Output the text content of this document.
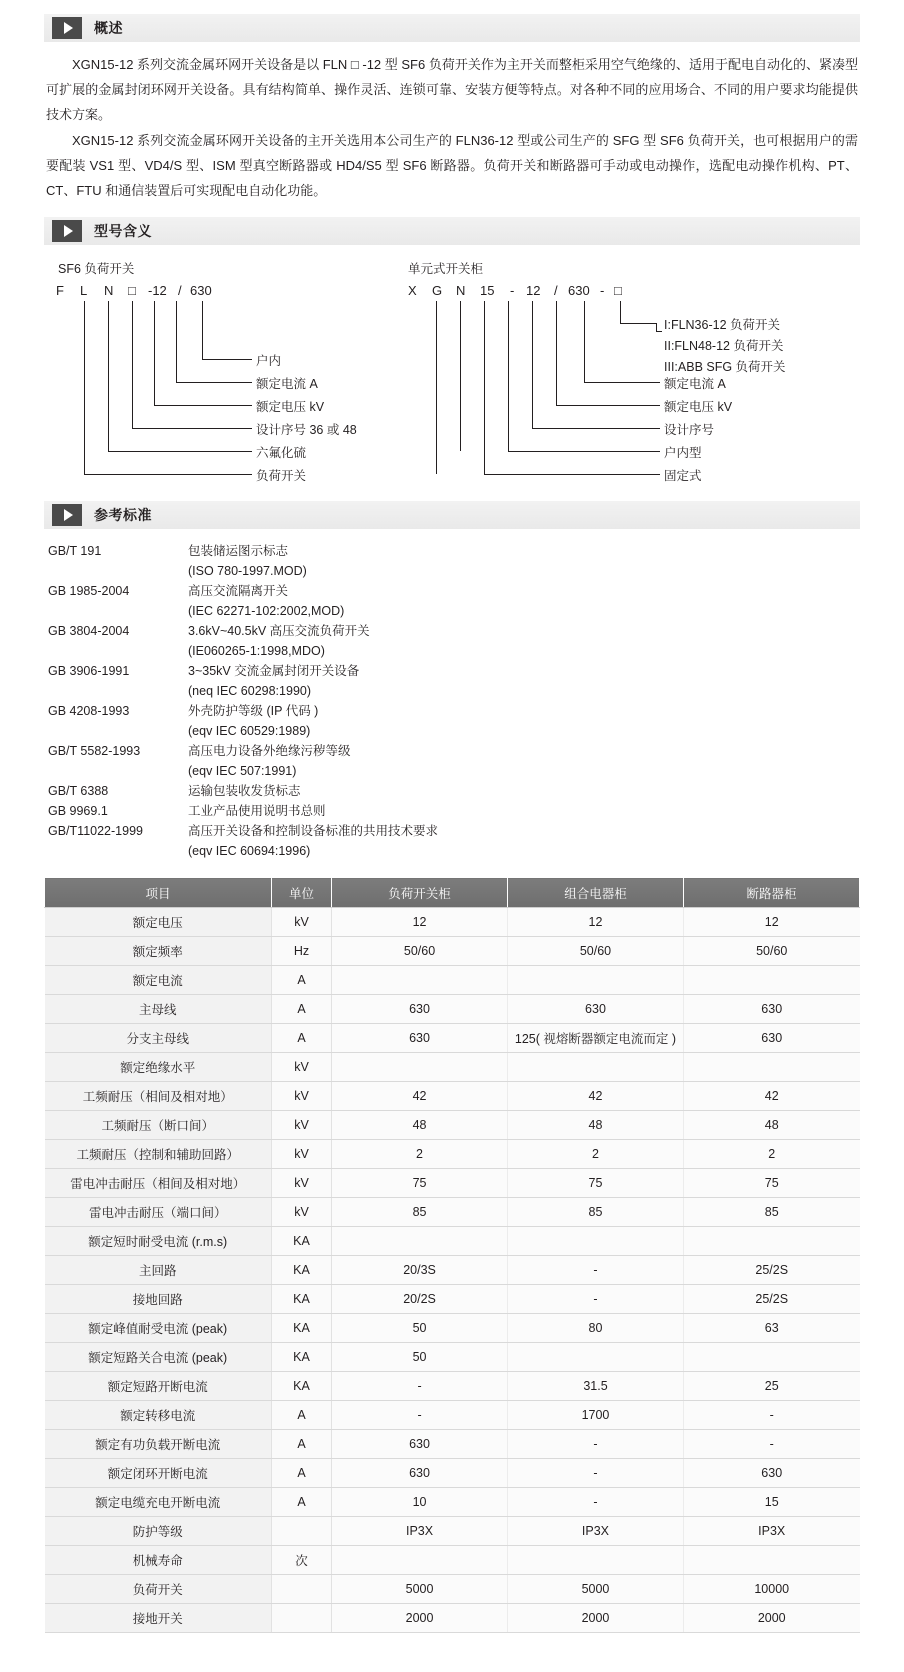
概述

XGN15-12 系列交流金属环网开关设备是以 FLN □ -12 型 SF6 负荷开关作为主开关而整柜采用空气绝缘的、适用于配电自动化的、紧凑型可扩展的金属封闭环网开关设备。具有结构简单、操作灵活、连锁可靠、安装方便等特点。对各种不同的应用场合、不同的用户要求均能提供技术方案。

XGN15-12 系列交流金属环网开关设备的主开关选用本公司生产的 FLN36-12 型或公司生产的 SFG 型 SF6 负荷开关，也可根据用户的需要配装 VS1 型、VD4/S 型、ISM 型真空断路器或 HD4/S5 型 SF6 断路器。负荷开关和断路器可手动或电动操作，选配电动操作机构、PT、CT、FTU 和通信装置后可实现配电自动化功能。

型号含义
SF6 负荷开关
F L N □ -12 / 630
户内
额定电流 A
额定电压 kV
设计序号 36 或 48
六氟化硫
负荷开关
单元式开关柜
X G N 15 - 12 / 630 - □
I:FLN36-12 负荷开关
II:FLN48-12 负荷开关
III:ABB SFG 负荷开关
额定电流 A
额定电压 kV
设计序号
户内型
固定式
参考标准
GB/T 191	包装储运图示标志
(ISO 780-1997.MOD)
GB 1985-2004	高压交流隔离开关
(IEC 62271-102:2002,MOD)
GB 3804-2004	3.6kV~40.5kV 高压交流负荷开关
(IE060265-1:1998,MDO)
GB 3906-1991	3~35kV 交流金属封闭开关设备
(neq IEC 60298:1990)
GB 4208-1993	外壳防护等级 (IP 代码 )
(eqv IEC 60529:1989)
GB/T 5582-1993	高压电力设备外绝缘污秽等级
(eqv IEC 507:1991)
GB/T 6388	运输包装收发货标志
GB 9969.1	工业产品使用说明书总则
GB/T11022-1999	高压开关设备和控制设备标准的共用技术要求
(eqv IEC 60694:1996)
项目	单位	负荷开关柜	组合电器柜	断路器柜
额定电压	kV	12	12	12
额定频率	Hz	50/60	50/60	50/60
额定电流	A			
主母线	A	630	630	630
分支主母线	A	630	125( 视熔断器额定电流而定 )	630
额定绝缘水平	kV			
工频耐压（相间及相对地）	kV	42	42	42
工频耐压（断口间）	kV	48	48	48
工频耐压（控制和辅助回路）	kV	2	2	2
雷电冲击耐压（相间及相对地）	kV	75	75	75
雷电冲击耐压（端口间）	kV	85	85	85
额定短时耐受电流 (r.m.s)	KA			
主回路	KA	20/3S	-	25/2S
接地回路	KA	20/2S	-	25/2S
额定峰值耐受电流 (peak)	KA	50	80	63
额定短路关合电流 (peak)	KA	50		
额定短路开断电流	KA	-	31.5	25
额定转移电流	A	-	1700	-
额定有功负载开断电流	A	630	-	-
额定闭环开断电流	A	630	-	630
额定电缆充电开断电流	A	10	-	15
防护等级		IP3X	IP3X	IP3X
机械寿命	次			
负荷开关		5000	5000	10000
接地开关		2000	2000	2000
